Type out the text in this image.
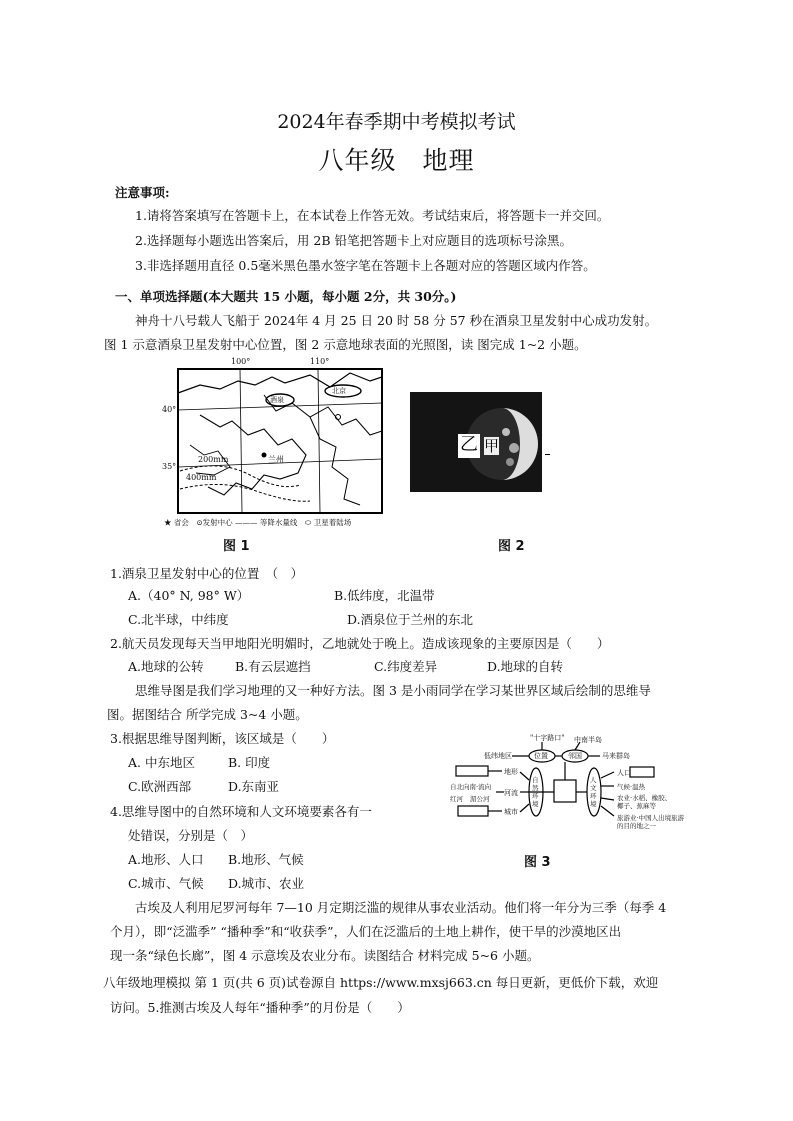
2024年春季期中考模拟考试
八年级　地理
注意事项:
1.请将答案填写在答题卡上，在本试卷上作答无效。考试结束后，将答题卡一并交回。
2.选择题每小题选出答案后，用 2B 铅笔把答题卡上对应题目的选项标号涂黑。
3.非选择题用直径 0.5毫米黑色墨水签字笔在答题卡上各题对应的答题区域内作答。
一、单项选择题(本大题共 15 小题，每小题 2分，共 30分。)
神舟十八号载人飞船于 2024年 4 月 25 日 20 时 58 分 57 秒在酒泉卫星发射中心成功发射。
图 1 示意酒泉卫星发射中心位置，图 2 示意地球表面的光照图，读 图完成 1~2 小题。
100°	110°
40°
35°
200mm
400mm
兰州
酒泉
北京
★ 省会　⊙发射中心 ——— 等降水量线　⬭ 卫星着陆场
图 1
乙 甲
图 2
1.酒泉卫星发射中心的位置　（　）
A.（40° N, 98° W）	B.低纬度，北温带
C.北半球，中纬度	D.酒泉位于兰州的东北
2.航天员发现每天当甲地阳光明媚时，乙地就处于晚上。造成该现象的主要原因是（　　）
A.地球的公转	B.有云层遮挡	C.纬度差异	D.地球的自转
思维导图是我们学习地理的又一种好方法。图 3 是小雨同学在学习某世界区域后绘制的思维导
图。据图结合 所学完成 3~4 小题。
3.根据思维导图判断，该区域是（　　）
A. 中东地区	B. 印度
C.欧洲西部	D.东南亚
4.思维导图中的自然环境和人文环境要素各有一
处错误，分别是（　）
A.地形、人口 B.地形、气候
C.城市、气候 D.城市、农业
"十字路口"
位置	邻国
低纬地区
中南半岛
马来群岛
地形
河流
城市
自北向南·流向
红河 湄公河
自然环境
人文环境
人口
气候·温热
农业·水稻、橡胶、椰子、蕉麻等
旅游业·中国人出境旅游的目的地之一
图 3
古埃及人利用尼罗河每年 7—10 月定期泛滥的规律从事农业活动。他们将一年分为三季（每季 4
个月），即“泛滥季” “播种季”和“收获季”，人们在泛滥后的土地上耕作，使干旱的沙漠地区出
现一条“绿色长廊”，图 4 示意埃及农业分布。读图结合 材料完成 5~6 小题。
八年级地理模拟 第 1 页(共 6 页)试卷源自 https://www.mxsj663.cn 每日更新，更低价下载，欢迎
访问。5.推测古埃及人每年“播种季”的月份是（　　）
